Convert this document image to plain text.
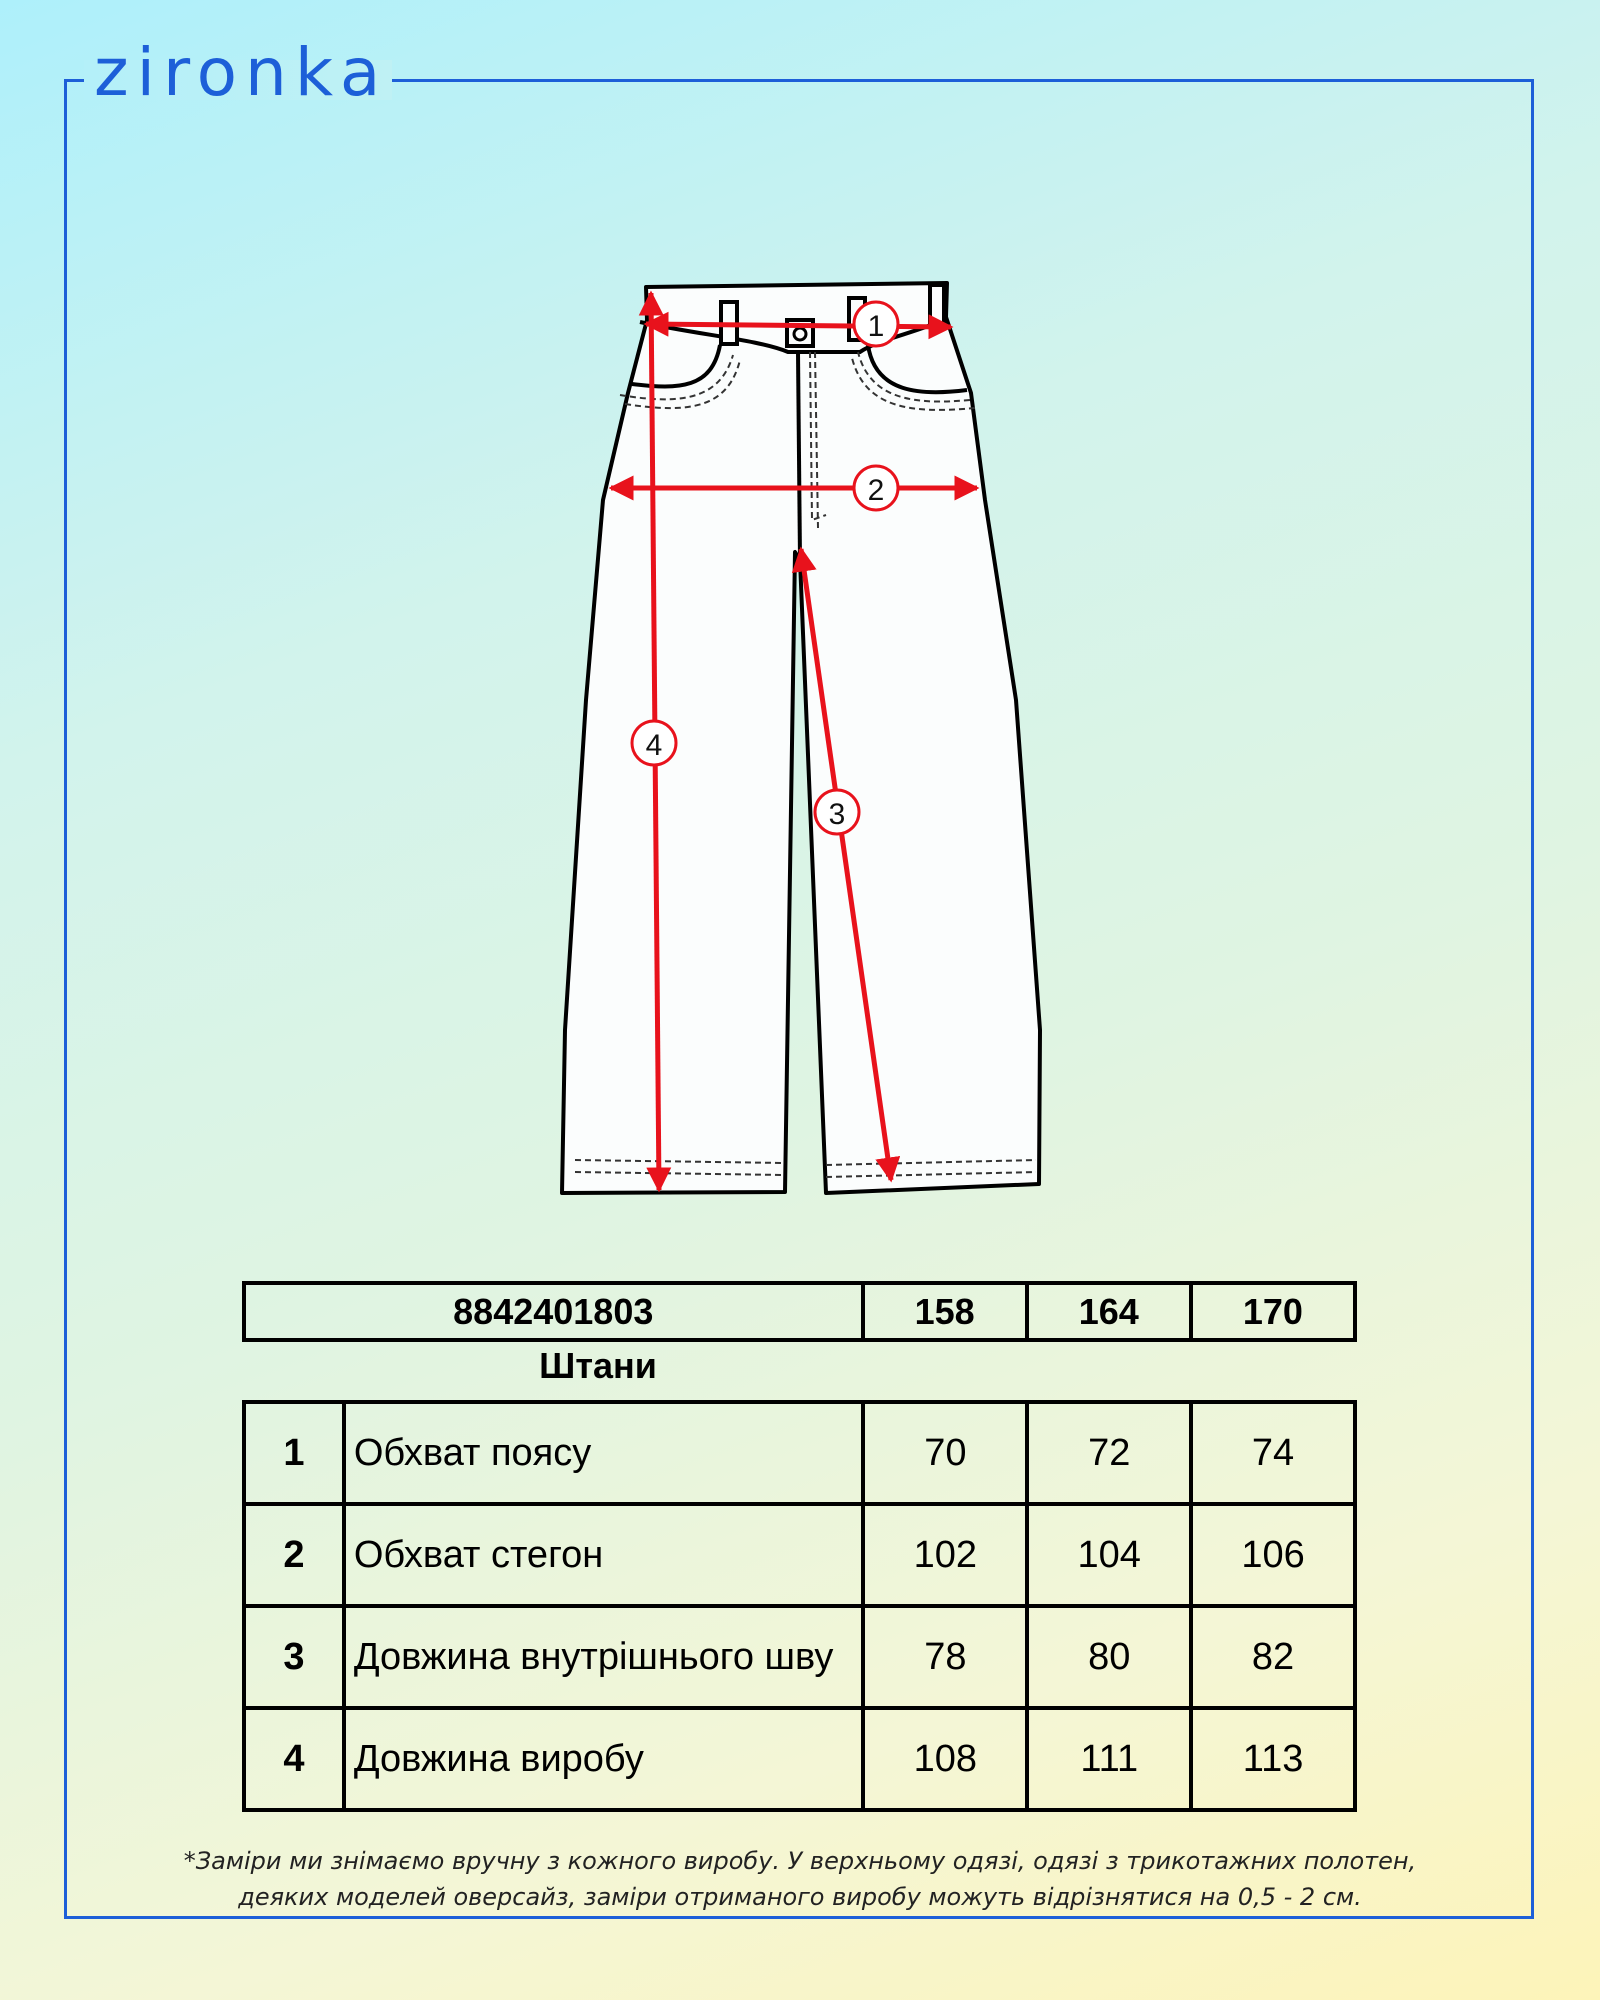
zironka
1
2
3
4
8842401803	158	164	170
Штани
1	Обхват поясу	70	72	74
2	Обхват стегон	102	104	106
3	Довжина внутрішнього шву	78	80	82
4	Довжина виробу	108	111	113
*Заміри ми знімаємо вручну з кожного виробу. У верхньому одязі, одязі з трикотажних полотен,
деяких моделей оверсайз, заміри отриманого виробу можуть відрізнятися на 0,5 - 2 см.
